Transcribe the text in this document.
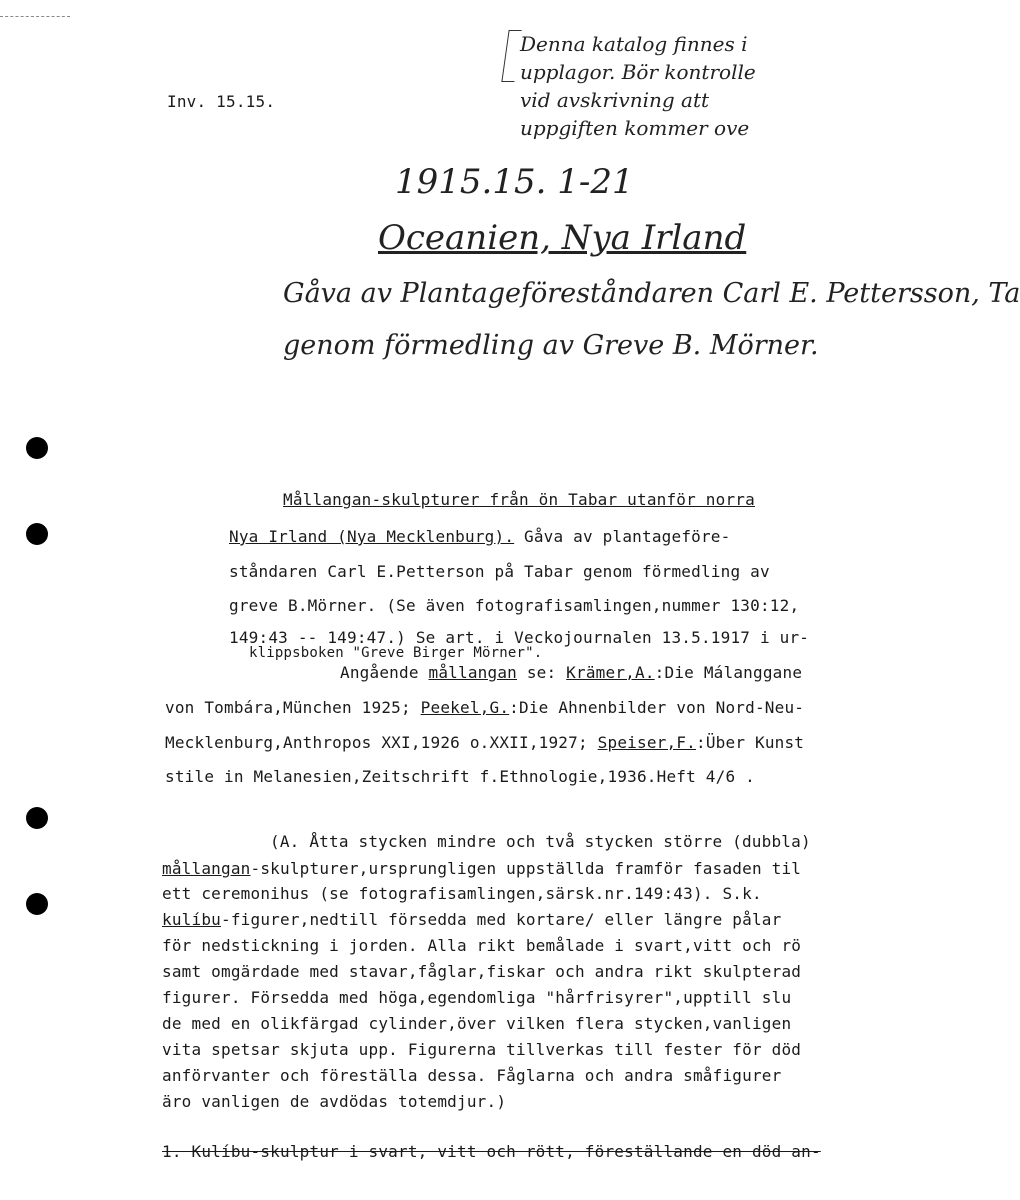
Inv. 15.15.
Denna katalog finnes i
upplagor. Bör kontrolle
vid avskrivning att
uppgiften kommer ove
1915.15. 1-21
Oceanien, Nya Irland
Gåva av Plantageföreståndaren Carl E. Pettersson, Ta
genom förmedling av Greve B. Mörner.
Mållangan-skulpturer från ön Tabar utanför norra
Nya Irland (Nya Mecklenburg). Gåva av plantageföre-
ståndaren Carl E.Petterson på Tabar genom förmedling av
greve B.Mörner. (Se även fotografisamlingen,nummer 130:12,
149:43 -- 149:47.) Se art. i Veckojournalen 13.5.1917 i ur-
klippsboken "Greve Birger Mörner".
Angående mållangan se: Krämer,A.:Die Málanggane
von Tombára,München 1925; Peekel,G.:Die Ahnenbilder von Nord-Neu-
Mecklenburg,Anthropos XXI,1926 o.XXII,1927; Speiser,F.:Über Kunst
stile in Melanesien,Zeitschrift f.Ethnologie,1936.Heft 4/6 .
(A. Åtta stycken mindre och två stycken större (dubbla)
mållangan-skulpturer,ursprungligen uppställda framför fasaden til
ett ceremonihus (se fotografisamlingen,särsk.nr.149:43). S.k.
kulíbu-figurer,nedtill försedda med kortare/ eller längre pålar
för nedstickning i jorden. Alla rikt bemålade i svart,vitt och rö
samt omgärdade med stavar,fåglar,fiskar och andra rikt skulpterad
figurer. Försedda med höga,egendomliga "hårfrisyrer",upptill slu
de med en olikfärgad cylinder,över vilken flera stycken,vanligen
vita spetsar skjuta upp. Figurerna tillverkas till fester för död
anförvanter och föreställa dessa. Fåglarna och andra småfigurer
äro vanligen de avdödas totemdjur.)
1. Kulíbu-skulptur i svart, vitt och rött, föreställande en död an-
